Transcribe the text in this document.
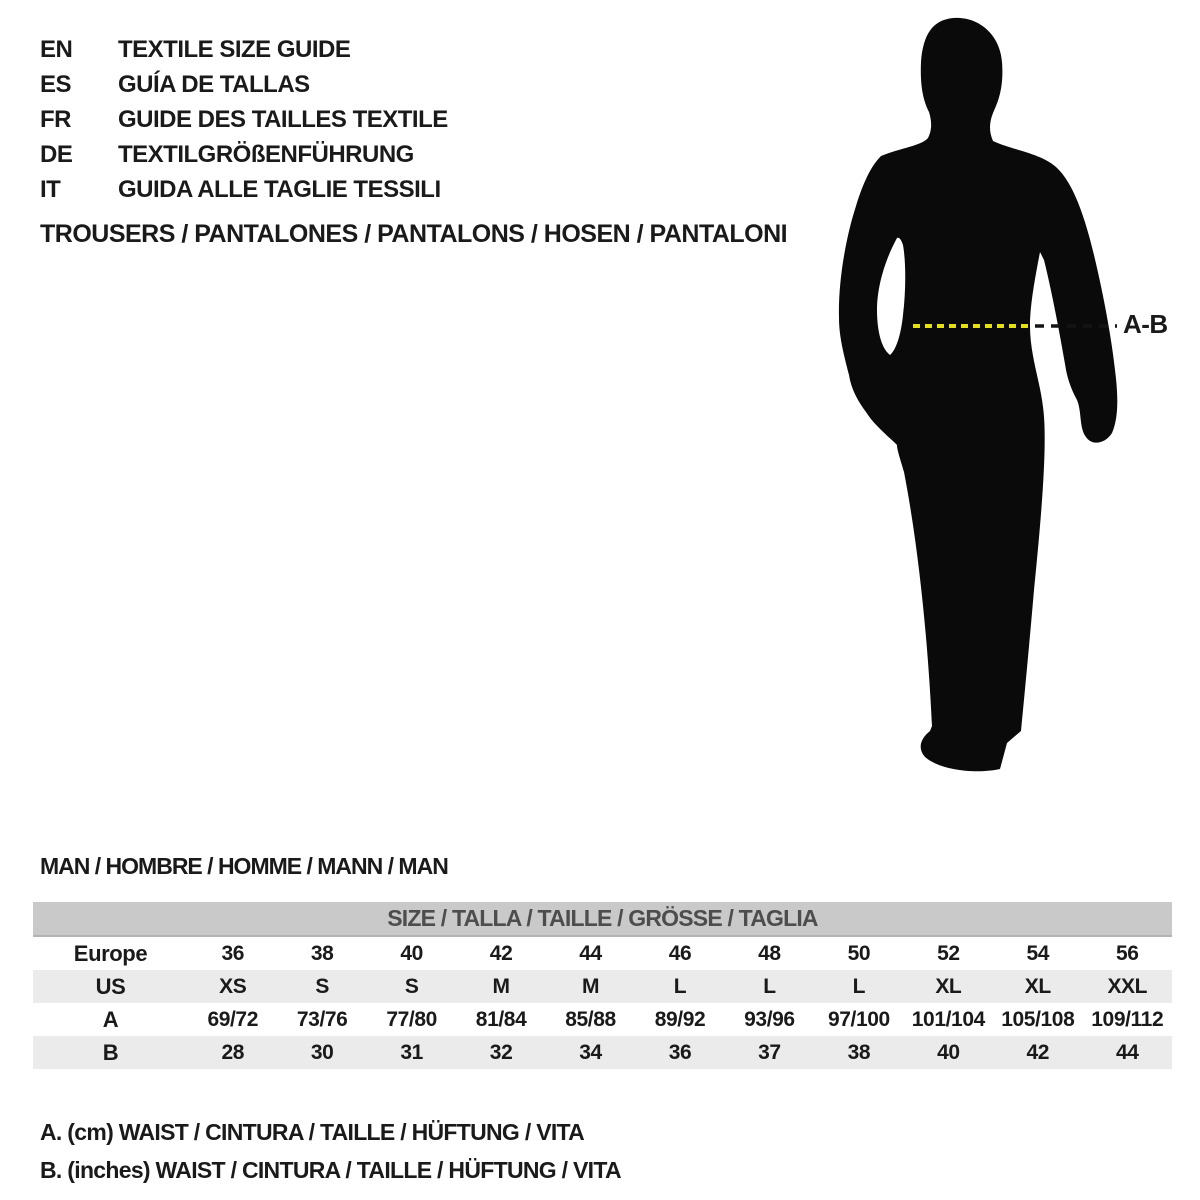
EN	TEXTILE SIZE GUIDE
ES	GUÍA DE TALLAS
FR	GUIDE DES TAILLES TEXTILE
DE	TEXTILGRÖßENFÜHRUNG
IT	GUIDA ALLE TAGLIE TESSILI
TROUSERS / PANTALONES / PANTALONS / HOSEN / PANTALONI
A-B
MAN / HOMBRE / HOMME / MANN / MAN
SIZE / TALLA / TAILLE / GRÖSSE / TAGLIA											
Europe	36	38	40	42	44	46	48	50	52	54	56
US	XS	S	S	M	M	L	L	L	XL	XL	XXL
A	69/72	73/76	77/80	81/84	85/88	89/92	93/96	97/100	101/104	105/108	109/112
B	28	30	31	32	34	36	37	38	40	42	44

A. (cm) WAIST / CINTURA / TAILLE / HÜFTUNG / VITA

B. (inches) WAIST / CINTURA / TAILLE / HÜFTUNG / VITA
